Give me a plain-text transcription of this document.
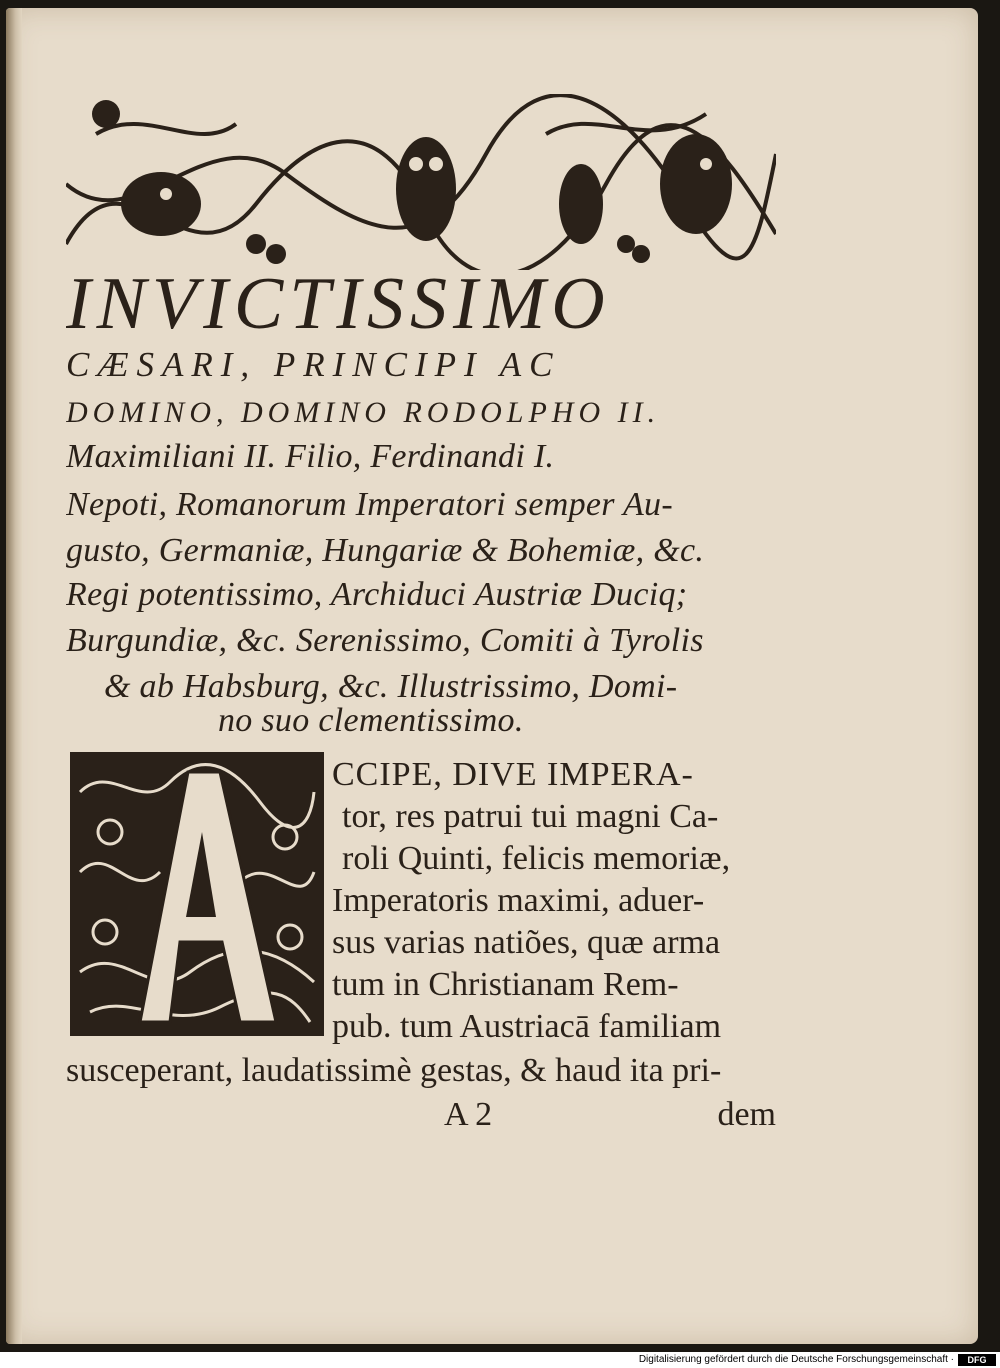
INVICTISSIMO
CÆSARI, PRINCIPI AC
DOMINO, DOMINO RODOLPHO II.
Maximiliani II. Filio, Ferdinandi I.
Nepoti, Romanorum Imperatori semper Au-
gusto, Germaniæ, Hungariæ & Bohemiæ, &c.
Regi potentissimo, Archiduci Austriæ Duciq;
Burgundiæ, &c. Serenissimo, Comiti à Tyrolis
& ab Habsburg, &c. Illustrissimo, Domi-
no suo clementissimo.
CCIPE, DIVE IMPERA-
tor, res patrui tui magni Ca-
roli Quinti, felicis memoriæ,
Imperatoris maximi, aduer-
sus varias natiões, quæ arma
tum in Christianam Rem-
pub. tum Austriacā familiam
susceperant, laudatissimè gestas, & haud ita pri-
A 2	dem
Digitalisierung gefördert durch die Deutsche Forschungsgemeinschaft ·	DFG
